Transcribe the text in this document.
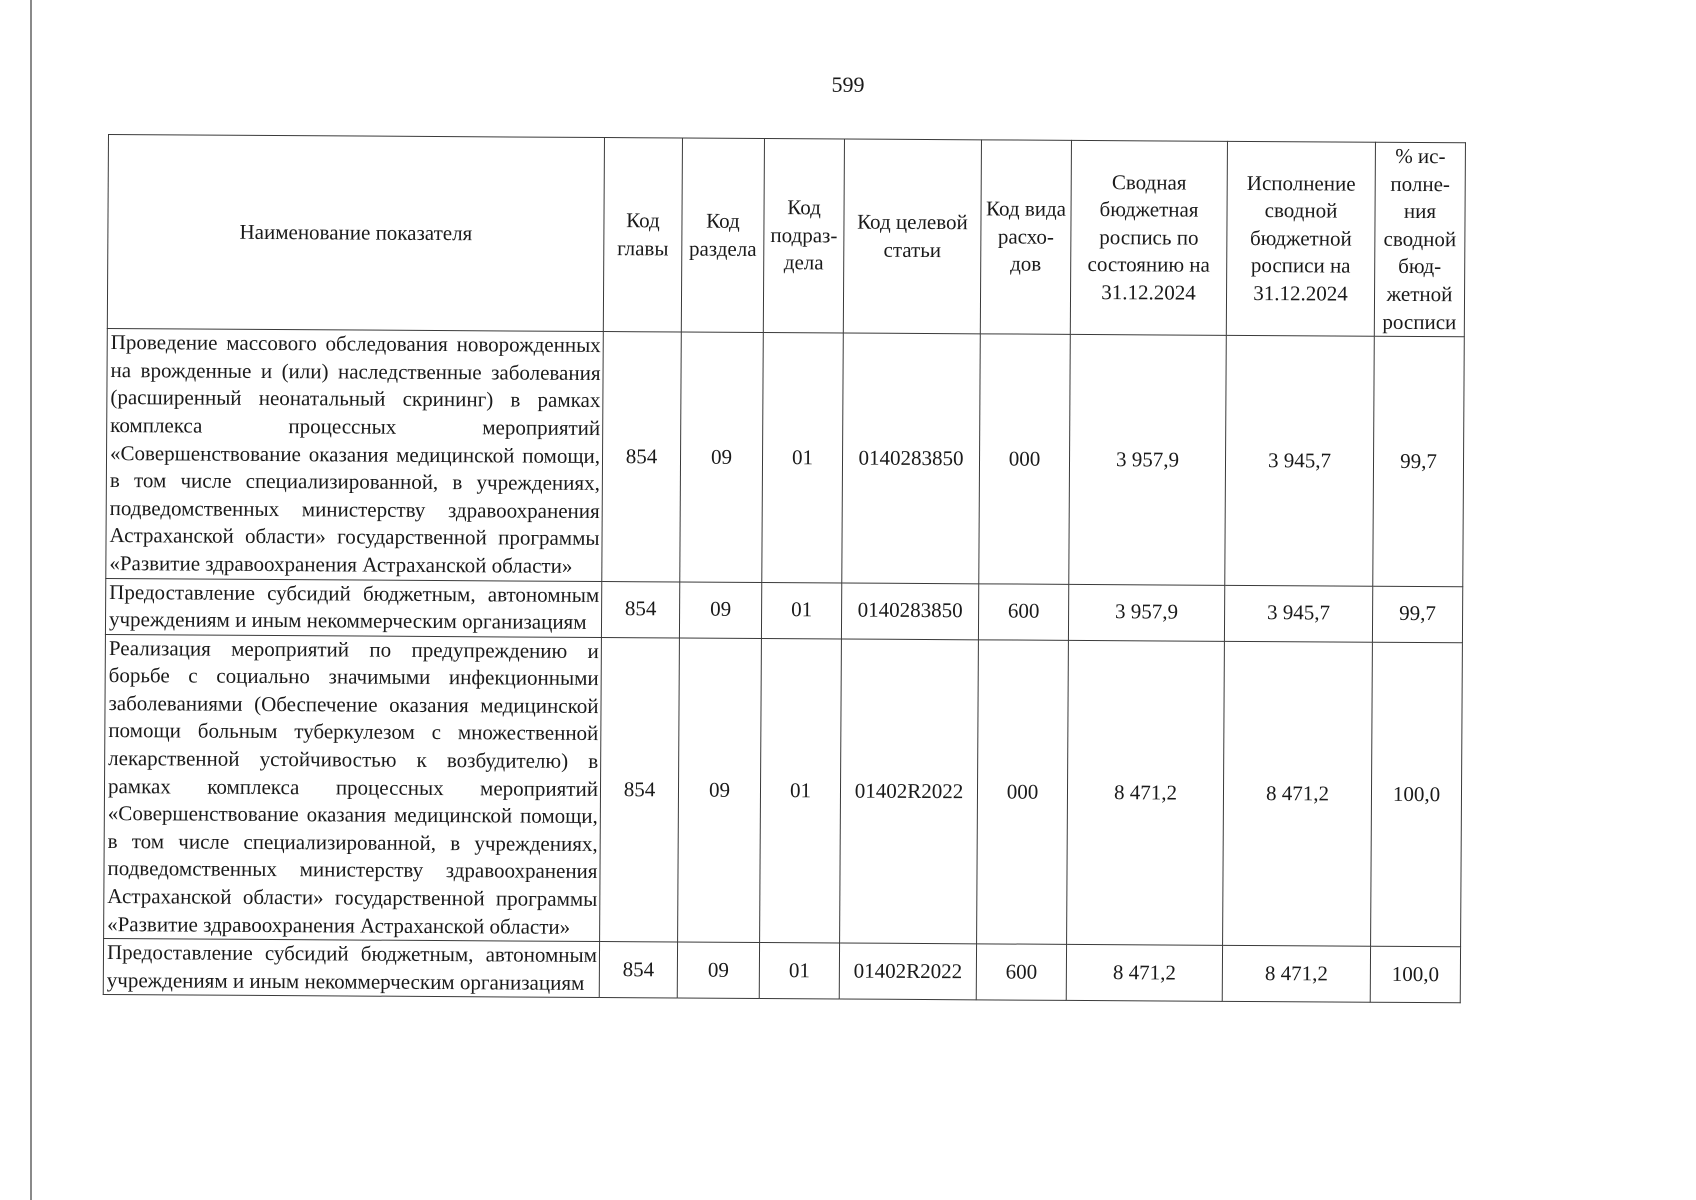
599
Наименование показателя	Код главы	Код раздела	Код подраз-дела	Код целевой статьи	Код вида расхо-дов	Сводная бюджетная роспись по состоянию на 31.12.2024	Исполнение сводной бюджетной росписи на 31.12.2024	% ис-полне-ния сводной бюд-жетной росписи

Проведение массового обследования новорожденных на врожденные и (или) наследственные заболевания (расширенный неонатальный скрининг) в рамках комплекса процессных мероприятий «Совершенствование оказания медицинской помощи, в том числе специализированной, в учреждениях, подведомственных министерству здравоохранения Астраханской области» государственной программы «Развитие здравоохранения Астраханской области»	854	09	01	0140283850	000	3 957,9	3 945,7	99,7
Предоставление субсидий бюджетным, автономным учреждениям и иным некоммерческим организациям	854	09	01	0140283850	600	3 957,9	3 945,7	99,7
Реализация мероприятий по предупреждению и борьбе с социально значимыми инфекционными заболеваниями (Обеспечение оказания медицинской помощи больным туберкулезом с множественной лекарственной устойчивостью к возбудителю) в рамках комплекса процессных мероприятий «Совершенствование оказания медицинской помощи, в том числе специализированной, в учреждениях, подведомственных министерству здравоохранения Астраханской области» государственной программы «Развитие здравоохранения Астраханской области»	854	09	01	01402R2022	000	8 471,2	8 471,2	100,0
Предоставление субсидий бюджетным, автономным учреждениям и иным некоммерческим организациям	854	09	01	01402R2022	600	8 471,2	8 471,2	100,0
